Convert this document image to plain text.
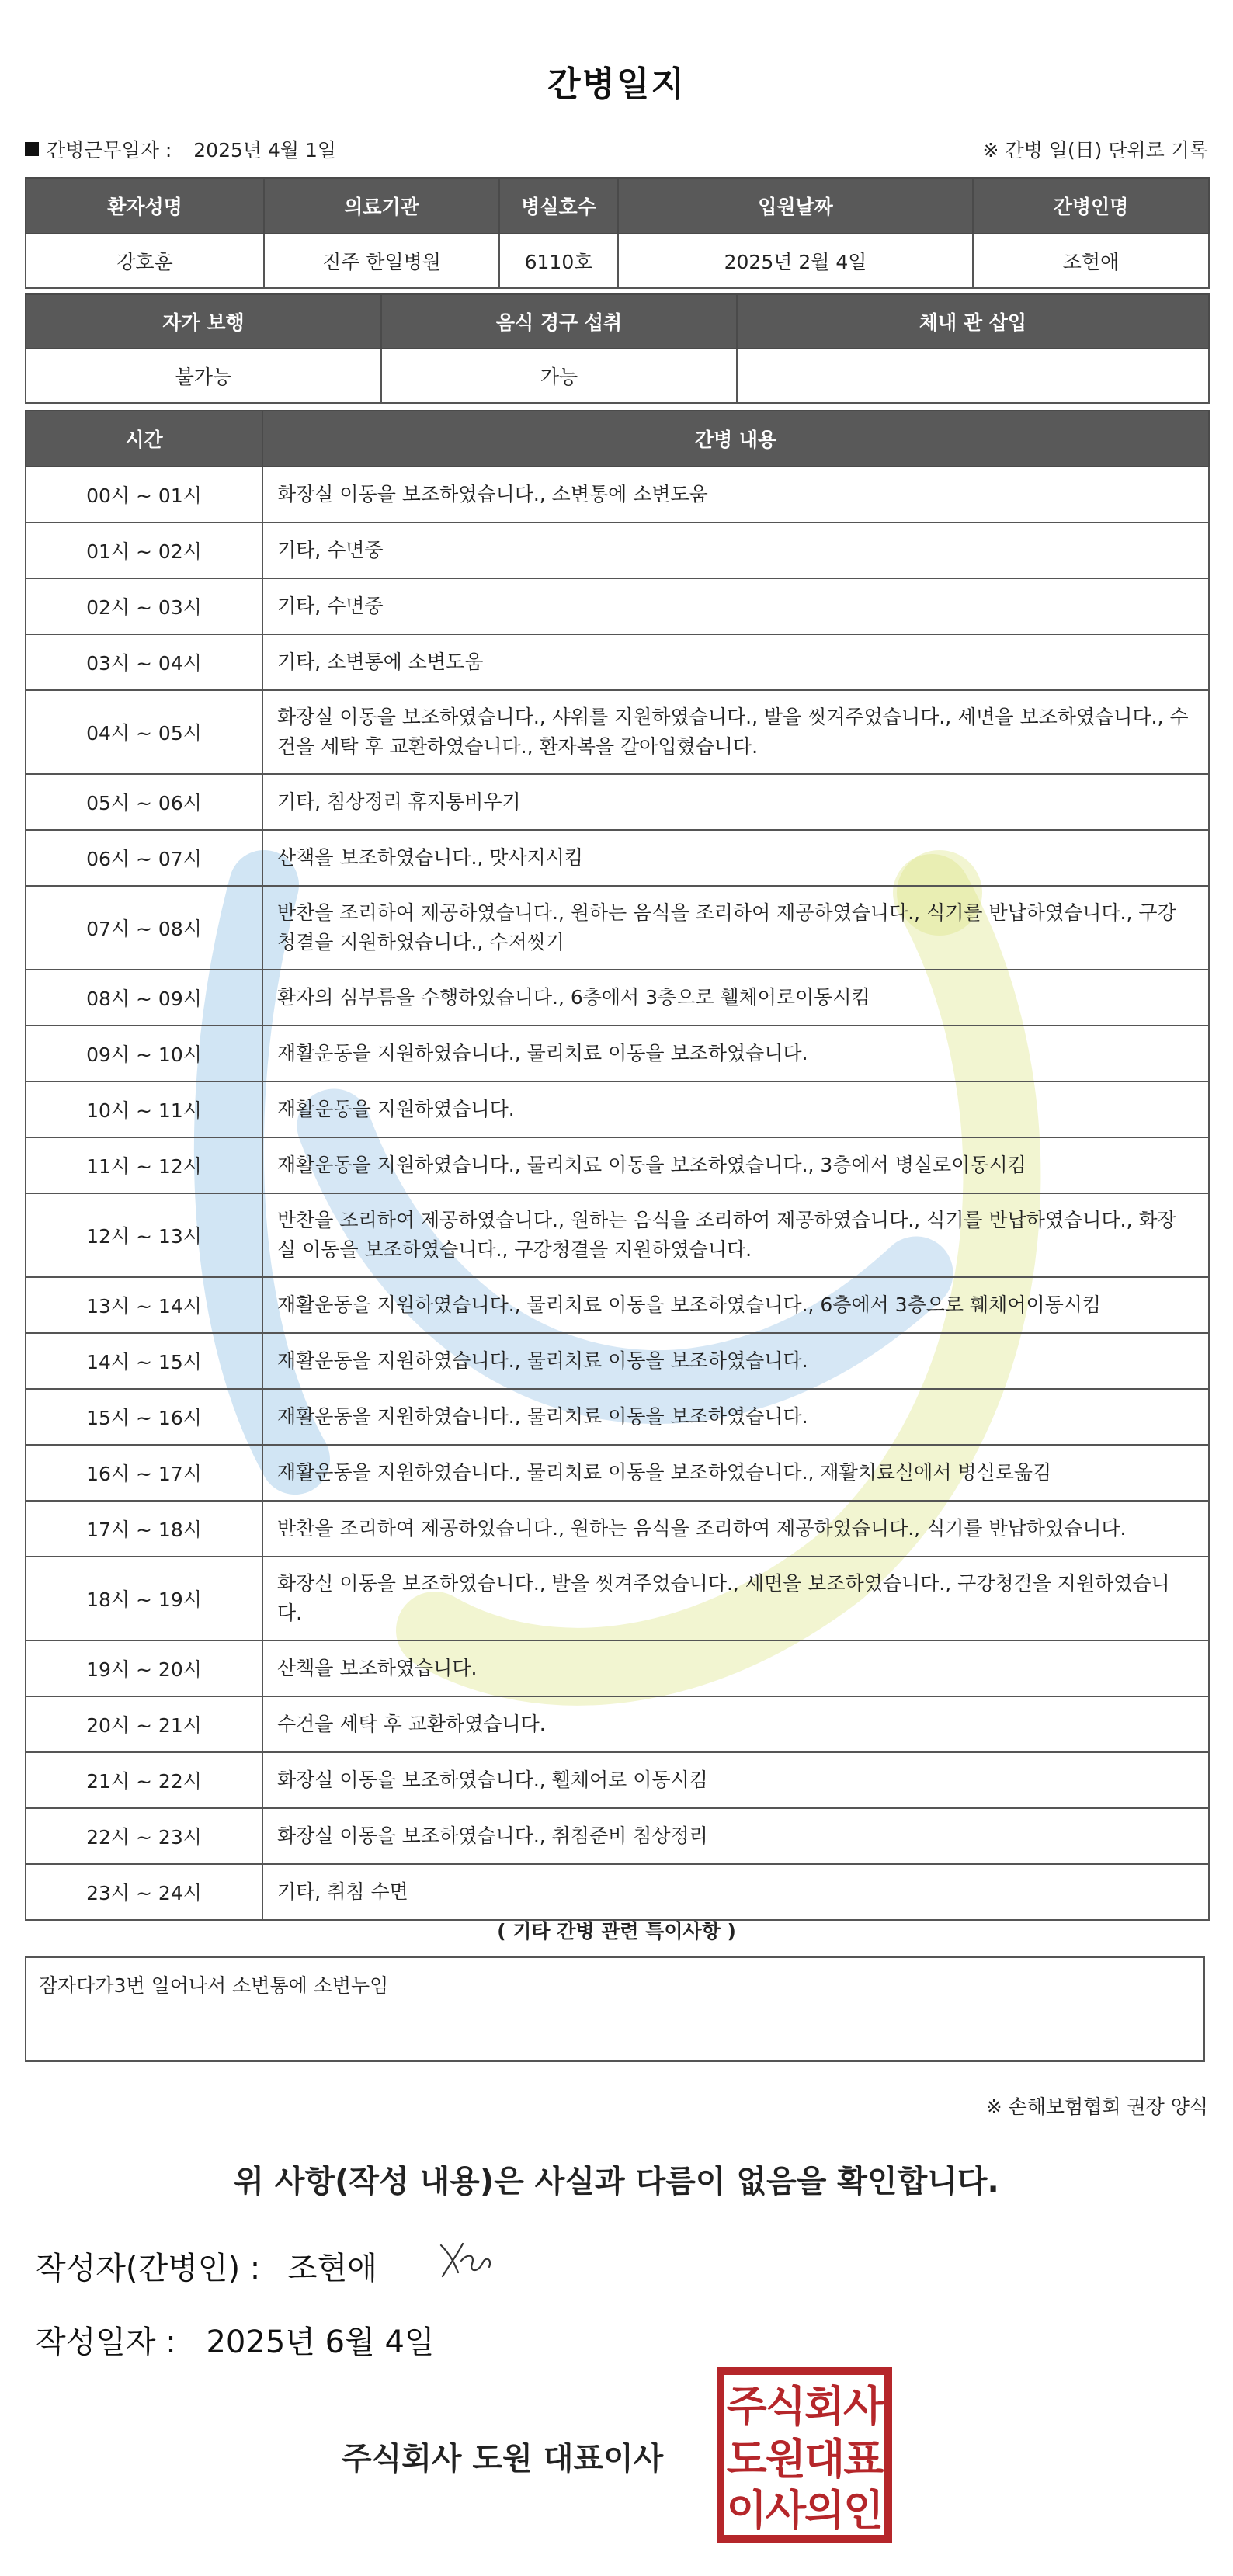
간병일지
간병근무일자 : 2025년 4월 1일	※ 간병 일(日) 단위로 기록
환자성명	의료기관	병실호수	입원날짜	간병인명
강호훈	진주 한일병원	6110호	2025년 2월 4일	조현애
자가 보행	음식 경구 섭취	체내 관 삽입
불가능	가능	
시간	간병 내용
00시 ~ 01시	화장실 이동을 보조하였습니다., 소변통에 소변도움
01시 ~ 02시	기타, 수면중
02시 ~ 03시	기타, 수면중
03시 ~ 04시	기타, 소변통에 소변도움
04시 ~ 05시	화장실 이동을 보조하였습니다., 샤워를 지원하였습니다., 발을 씻겨주었습니다., 세면을 보조하였습니다., 수건을 세탁 후 교환하였습니다., 환자복을 갈아입혔습니다.
05시 ~ 06시	기타, 침상정리 휴지통비우기
06시 ~ 07시	산책을 보조하였습니다., 맛사지시킴
07시 ~ 08시	반찬을 조리하여 제공하였습니다., 원하는 음식을 조리하여 제공하였습니다., 식기를 반납하였습니다., 구강청결을 지원하였습니다., 수저씻기
08시 ~ 09시	환자의 심부름을 수행하였습니다., 6층에서 3층으로 휄체어로이동시킴
09시 ~ 10시	재활운동을 지원하였습니다., 물리치료 이동을 보조하였습니다.
10시 ~ 11시	재활운동을 지원하였습니다.
11시 ~ 12시	재활운동을 지원하였습니다., 물리치료 이동을 보조하였습니다., 3층에서 병실로이동시킴
12시 ~ 13시	반찬을 조리하여 제공하였습니다., 원하는 음식을 조리하여 제공하였습니다., 식기를 반납하였습니다., 화장실 이동을 보조하였습니다., 구강청결을 지원하였습니다.
13시 ~ 14시	재활운동을 지원하였습니다., 물리치료 이동을 보조하였습니다., 6층에서 3층으로 훼체어이동시킴
14시 ~ 15시	재활운동을 지원하였습니다., 물리치료 이동을 보조하였습니다.
15시 ~ 16시	재활운동을 지원하였습니다., 물리치료 이동을 보조하였습니다.
16시 ~ 17시	재활운동을 지원하였습니다., 물리치료 이동을 보조하였습니다., 재활치료실에서 병실로옮김
17시 ~ 18시	반찬을 조리하여 제공하였습니다., 원하는 음식을 조리하여 제공하였습니다., 식기를 반납하였습니다.
18시 ~ 19시	화장실 이동을 보조하였습니다., 발을 씻겨주었습니다., 세면을 보조하였습니다., 구강청결을 지원하였습니다.
19시 ~ 20시	산책을 보조하였습니다.
20시 ~ 21시	수건을 세탁 후 교환하였습니다.
21시 ~ 22시	화장실 이동을 보조하였습니다., 휄체어로 이동시킴
22시 ~ 23시	화장실 이동을 보조하였습니다., 취침준비 침상정리
23시 ~ 24시	기타, 취침 수면
( 기타 간병 관련 특이사항 )
잠자다가3번 일어나서 소변통에 소변누임
※ 손해보험협회 권장 양식
위 사항(작성 내용)은 사실과 다름이 없음을 확인합니다.
작성자(간병인) : 조현애
작성일자 : 2025년 6월 4일
주식회사 도원 대표이사
주식회사
도원대표
이사의인
